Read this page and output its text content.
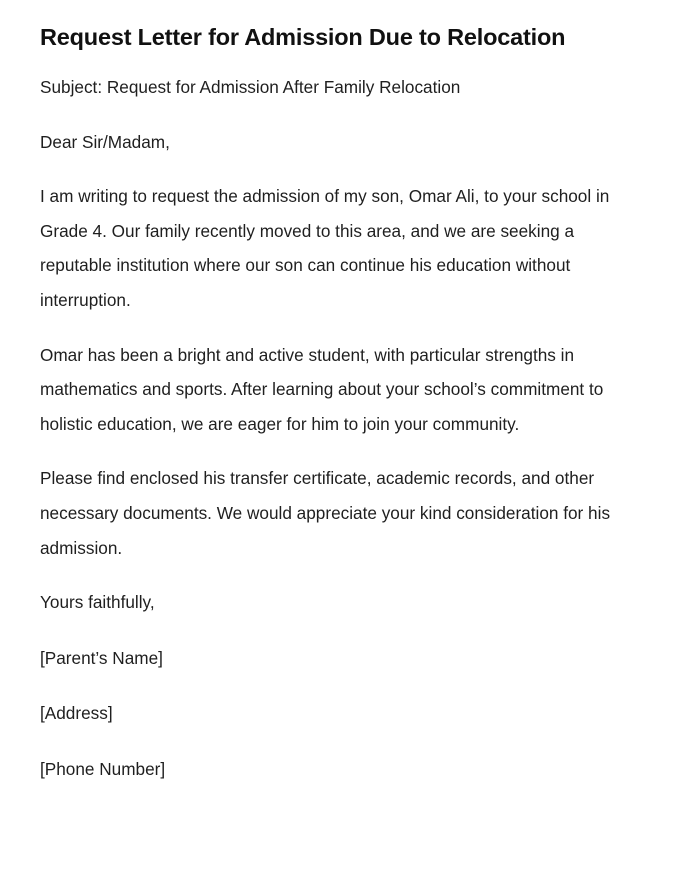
Request Letter for Admission Due to Relocation

Subject: Request for Admission After Family Relocation

Dear Sir/Madam,

I am writing to request the admission of my son, Omar Ali, to your school in Grade 4. Our family recently moved to this area, and we are seeking a reputable institution where our son can continue his education without interruption.

Omar has been a bright and active student, with particular strengths in mathematics and sports. After learning about your school’s commitment to holistic education, we are eager for him to join your community.

Please find enclosed his transfer certificate, academic records, and other necessary documents. We would appreciate your kind consideration for his admission.

Yours faithfully,

[Parent’s Name]

[Address]

[Phone Number]
